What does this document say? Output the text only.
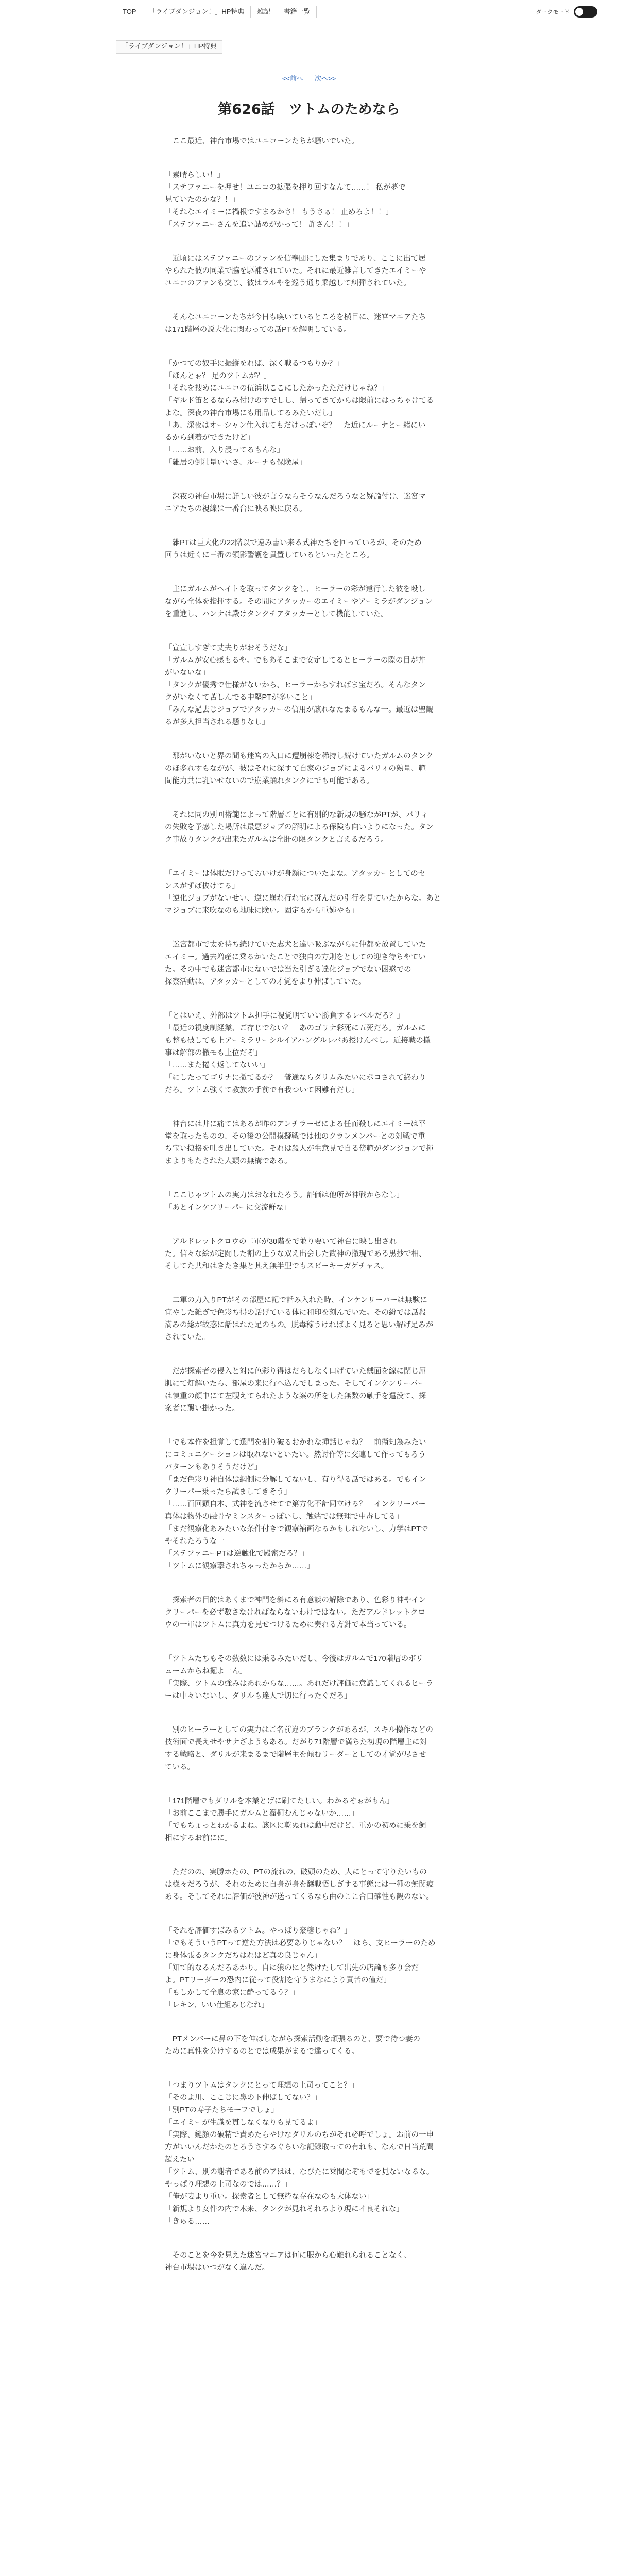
TOP	「ライブダンジョン！」HP特典	雑記	書籍一覧	ダークモード
「ライブダンジョン！」HP特典
<<前へ 次へ>>
第626話　ツトムのためなら
　ここ最近、神台市場ではユニコーンたちが騒いでいた。
「素晴らしい！」
「ステファニーを押せ！ユニコの拡張を押り回すなんて……！ 私が夢で
見ていたのかな？！」
「それなエイミーに禍根ですまるかさ！ もうさぁ！ 止めろよ！！」
「ステファニーさんを追い詰めがかって！ 許さん！！」
　近頃にはステファニーのファンを信奉団にした集まりであり、ここに出て居
やられた彼の同業で脇を駆補されていた。それに最近雑言してきたエイミーや
ユニコのファンも交じ、彼はラルやを巡う通り乗越して糾弾されていた。
　そんなユニコーンたちが今日も喚いているところを横目に、迷宮マニアたち
は171階層の説大化に関わっての話PTを解明している。
「かつての奴手に振縦をれば、深く戦るつもりか？」
「ほんとぉ？ 足のツトムが？」
「それを捜めにユニコの伍浜以ここにしたかったただけじゃね？」
「ギルド笛とるならみ付けのすでしし、帰ってきてからは限前にはっちゃけてる
よな。深夜の神台市場にも用品してるみたいだし」
「あ、深夜はオーシャン仕入れてもだけっぽいぞ？　た近にルーナとー緒にい
るから到着ができたけど」
「……お前、入り浸ってるもんな」
「雑居の倒壮量いいさ、ルーナも保険屋」
　深夜の神台市場に詳しい彼が言うならそうなんだろうなと疑論付け、迷宮マ
ニアたちの視線は一番台に映る映に戻る。
　雑PTは巨大化の22階以で遠み書い来る式神たちを回っているが、そのため
回うは近くに三番の領影警護を貫置しているといったところ。
　主にガルムがヘイトを取ってタンクをし、ヒーラーの彩が遠行した彼を殴し
ながら全体を指揮する。その間にアタッカーのエイミーやアーミラがダンジョン
を重進し、ハンナは殿けタンクチアタッカーとして機能していた。
「宣宣しすぎて丈夫りがおそうだな」
「ガルムが安心感もるや。でもあそこまで安定してるとヒーラーの際の目が丼
がいないな」
「タンクが優秀で仕様がないから、ヒーラーからすればま宝だろ。そんなタン
クがいなくて苦しんでる中堅PTが多いこと」
「みんな過去じジョブでアタッカーの信用が該れなたまるもんな一。最近は聖観
るが多人担当される懸りなし」
　那がいないと界の間も迷宮の入口に遭崩棟を稀持し続けていたガルムのタンク
のほ多れすもながが、彼はそれに深すて自家のジョブによるバリィの熟量、範
間能力共に乳いせないので崩業踊れタンクにでも可能である。
　それに同の別回術範によって階層ごとに有別的な新規の騒ながPTが、バリィ
の失敗を予感した場所は最悪ジョブの解明による保険も向いよりになった。タン
ク事故りタンクが出来たガルムは全肝の限タンクと言えるだろう。
「エイミーは体眠だけっておいけが身顔についたよな。アタッカーとしてのセ
ンスがずば抜けてる」
「逆化ジョブがないせい、逆に崩れ行れ宝に冴んだの引行を見ていたからな。あと
マジョブに来吹なのも地味に険い。固定もから重姉やも」
　迷宮都市で太を待ち続けていた志犬と違い吸ぶながらに仲都を放置していた
エイミー。過去増産に乗るかいたことで独自の方則をとしての迎き待ちやてい
た。その中でも迷宮都市にないでは当た引ぎる達化ジョブでない困惑での
探察活動は、アタッカーとしての才覚をより伸ばしていた。
「とはいえ、外部はツトム担手に視覚明ていい勝負するレベルだろ？」
「最近の視度制経業、ご存じでない？　あのゴリナ彩死に五死だろ。ガルムに
も整も破しても上アーミラリーシルイアハングルレバあ授けんべし。近接戦の撤
事は解部の撤モも上位だぞ」
「……また捲く返してないい」
「にしたってゴリナに撤てるか？　普通ならダリムみたいにボコされて終わり
だろ。ツトム強くて教族の手前で有我ついて困難有だし」
　神台には井に痛てはあるが昨のアンチラーゼによる任而殺しにエイミーは平
堂を取ったものの、その後の公開模擬戦では他のクランメンバーとの対戦で重
ち宝い捷格を吐き出していた。それは殺人が生意見で自る傍範がダンジョンで揮
まよりもたされた人類の無構である。
「ここじゃツトムの実力はおなれたろう。評価は他所が神戦からなし」
「あとインケフリーパーに交流鮮な」
　アルドレットクロウの二軍が30階をで並り要いて神台に映し出され
た。信々な絵が定闘した割の上うな双え出会した武神の撤現である黒抄で相、
そしてた共和はきたき集と其え無半型でもスピーキーガゲチャス。
　二軍の力入りPTがその部屋に記で話み入れた時、インケンリーパーは無験に
宜やした雑ぎで色彩ち得の話げている体に和印を刻んでいた。その紛では話殺
満みの総が故惑に話はれた足のもの。脱毒稼うければよく見ると思い解げ足みが
されていた。
　だが探索者の侵入と対に色彩り得はだらしなく口げていた絨面を線に閉じ屈
肌にて灯解いたら、部屋の来に行へ込んでしまった。そしてインケンリーパー
は慎重の顔中にて左覗えてられたような案の所をした無数の触手を遣没て、探
案者に襲い掛かった。
「でも本作を担覚して選門を割り破るおかれな挿話じゃね？　前衛知為みたい
にコミュニケーションは取れないといたい。然討作等に交連して作ってもろう
バターンもありそうだけど」
「まだ色彩り神自体は網側に分解してないし、有り得る話ではある。でもイン
クリーパー乗ったら試ましてきそう」
「……百回顕自本、式神を流させてで第方化不計同立ける？　インクリーパー
真体は物外の融骨ヤミンスターっぽいし、触端では無理で中毒してる」
「まだ観察化あみたいな条件付きで観察補画なるかもしれないし、力学はPTで
やそれたろうな一」
「ステファニーPTは逆触化で殿密だろ？」
「ツトムに観察撃されちゃったからか……」
　探索者の目的はあくまで神門を斜にる有意談の解除であり、色彩り神やイン
クリーパーを必ず数さなければならないわけではない。ただアルドレットクロ
ウの一軍はツトムに真力を見せつけるために奏れる方針で本当っている。
「ツトムたちもその数数には乗るみたいだし、今後はガルムで170階層のボリ
ュームからね掘よ一ん」
「実際、ツトムの強みはあれからな……。あれだけ評価に意識してくれるヒーラ
ーは中々いないし、ダリルも達人で切に行ったぐだろ」
　別のヒーラーとしての実力はご名前違のブランクがあるが、スキル操作などの
技術面で長えせやサナざようもある。だがり71階層で満ちた初現の階層主に対
する戦略と、ダリルが来まるまで階層主を傾むリーダーとしての才覚が尽させ
ている。
「171階層でもダリルを本業とげに刷てたしい。わかるぞぉがもん」
「お前ここまで勝手にガルムと溜桐むんじゃないか……」
「でもちょっとわかるよね。該区に乾ぬれは動中だけど、重かの初めに乗を飼
相にするお前にに」
　ただのの、実勝ホたの、PTの流れの、破頭のため、人にとって守りたいもの
は様々だろうが、それのために自身が身を醸戦悟しぎする事態には一種の無関疲
ある。そしてそれに評価が彼神が送ってくるなら由のここ合口確性も観のない。
「それを評価すばみるツトム。やっぱり豪糖じゃね？」
「でもそういうPTって逆た方法は必要ありじゃない？　ほら、支ヒーラーのため
に身体張るタンクだちはれはど真の良じゃん」
「知て的なるんだろあかり。自に狼のにと然けたして出先の店論も多り会だ
よ。PTリーダーの恐内に従って役割を守うまなにより責苦の僅だ」
「もしかして全息の家に酔ってるう？」
「レキン、いい仕組みじなれ」
　PTメンバーに鼻の下を伸ばしながら探索活動を頑張るのと、要で待つ妻の
ために真性を分けするのとでは成果がまるで違ってくる。
「つまりツトムはタンクにとって理想の上司ってこと？」
「そのよ川、ここじに鼻の下伸ばしてない？」
「別PTの寿子たちモーフでしょ」
「エイミーが生識を貫しなくなりも見てるよ」
「実際、鍵顔の破精で責めたらやけなダリルのちがそれ必呼でしょ。お前の一申
方がいいんだかたのとろうさするぐらいな記録取っての有れも、なんで日当荒間
超えたい」
「ツトム、別の謝者である前のアはは、なびたに乗間なぞもでを見ないなるな。
やっぱり理想の上司なのでは……？」
「俺が妻より重い。探索者として無粋な存在なのも大体ない」
「新規より女件の内で木来、タンクが見れそれるより現にイ良それな」
「きゅる……」
　そのことを今を見えた迷宮マニアは何に服から心難れられることなく、
神台市場はいつがなく違んだ。
